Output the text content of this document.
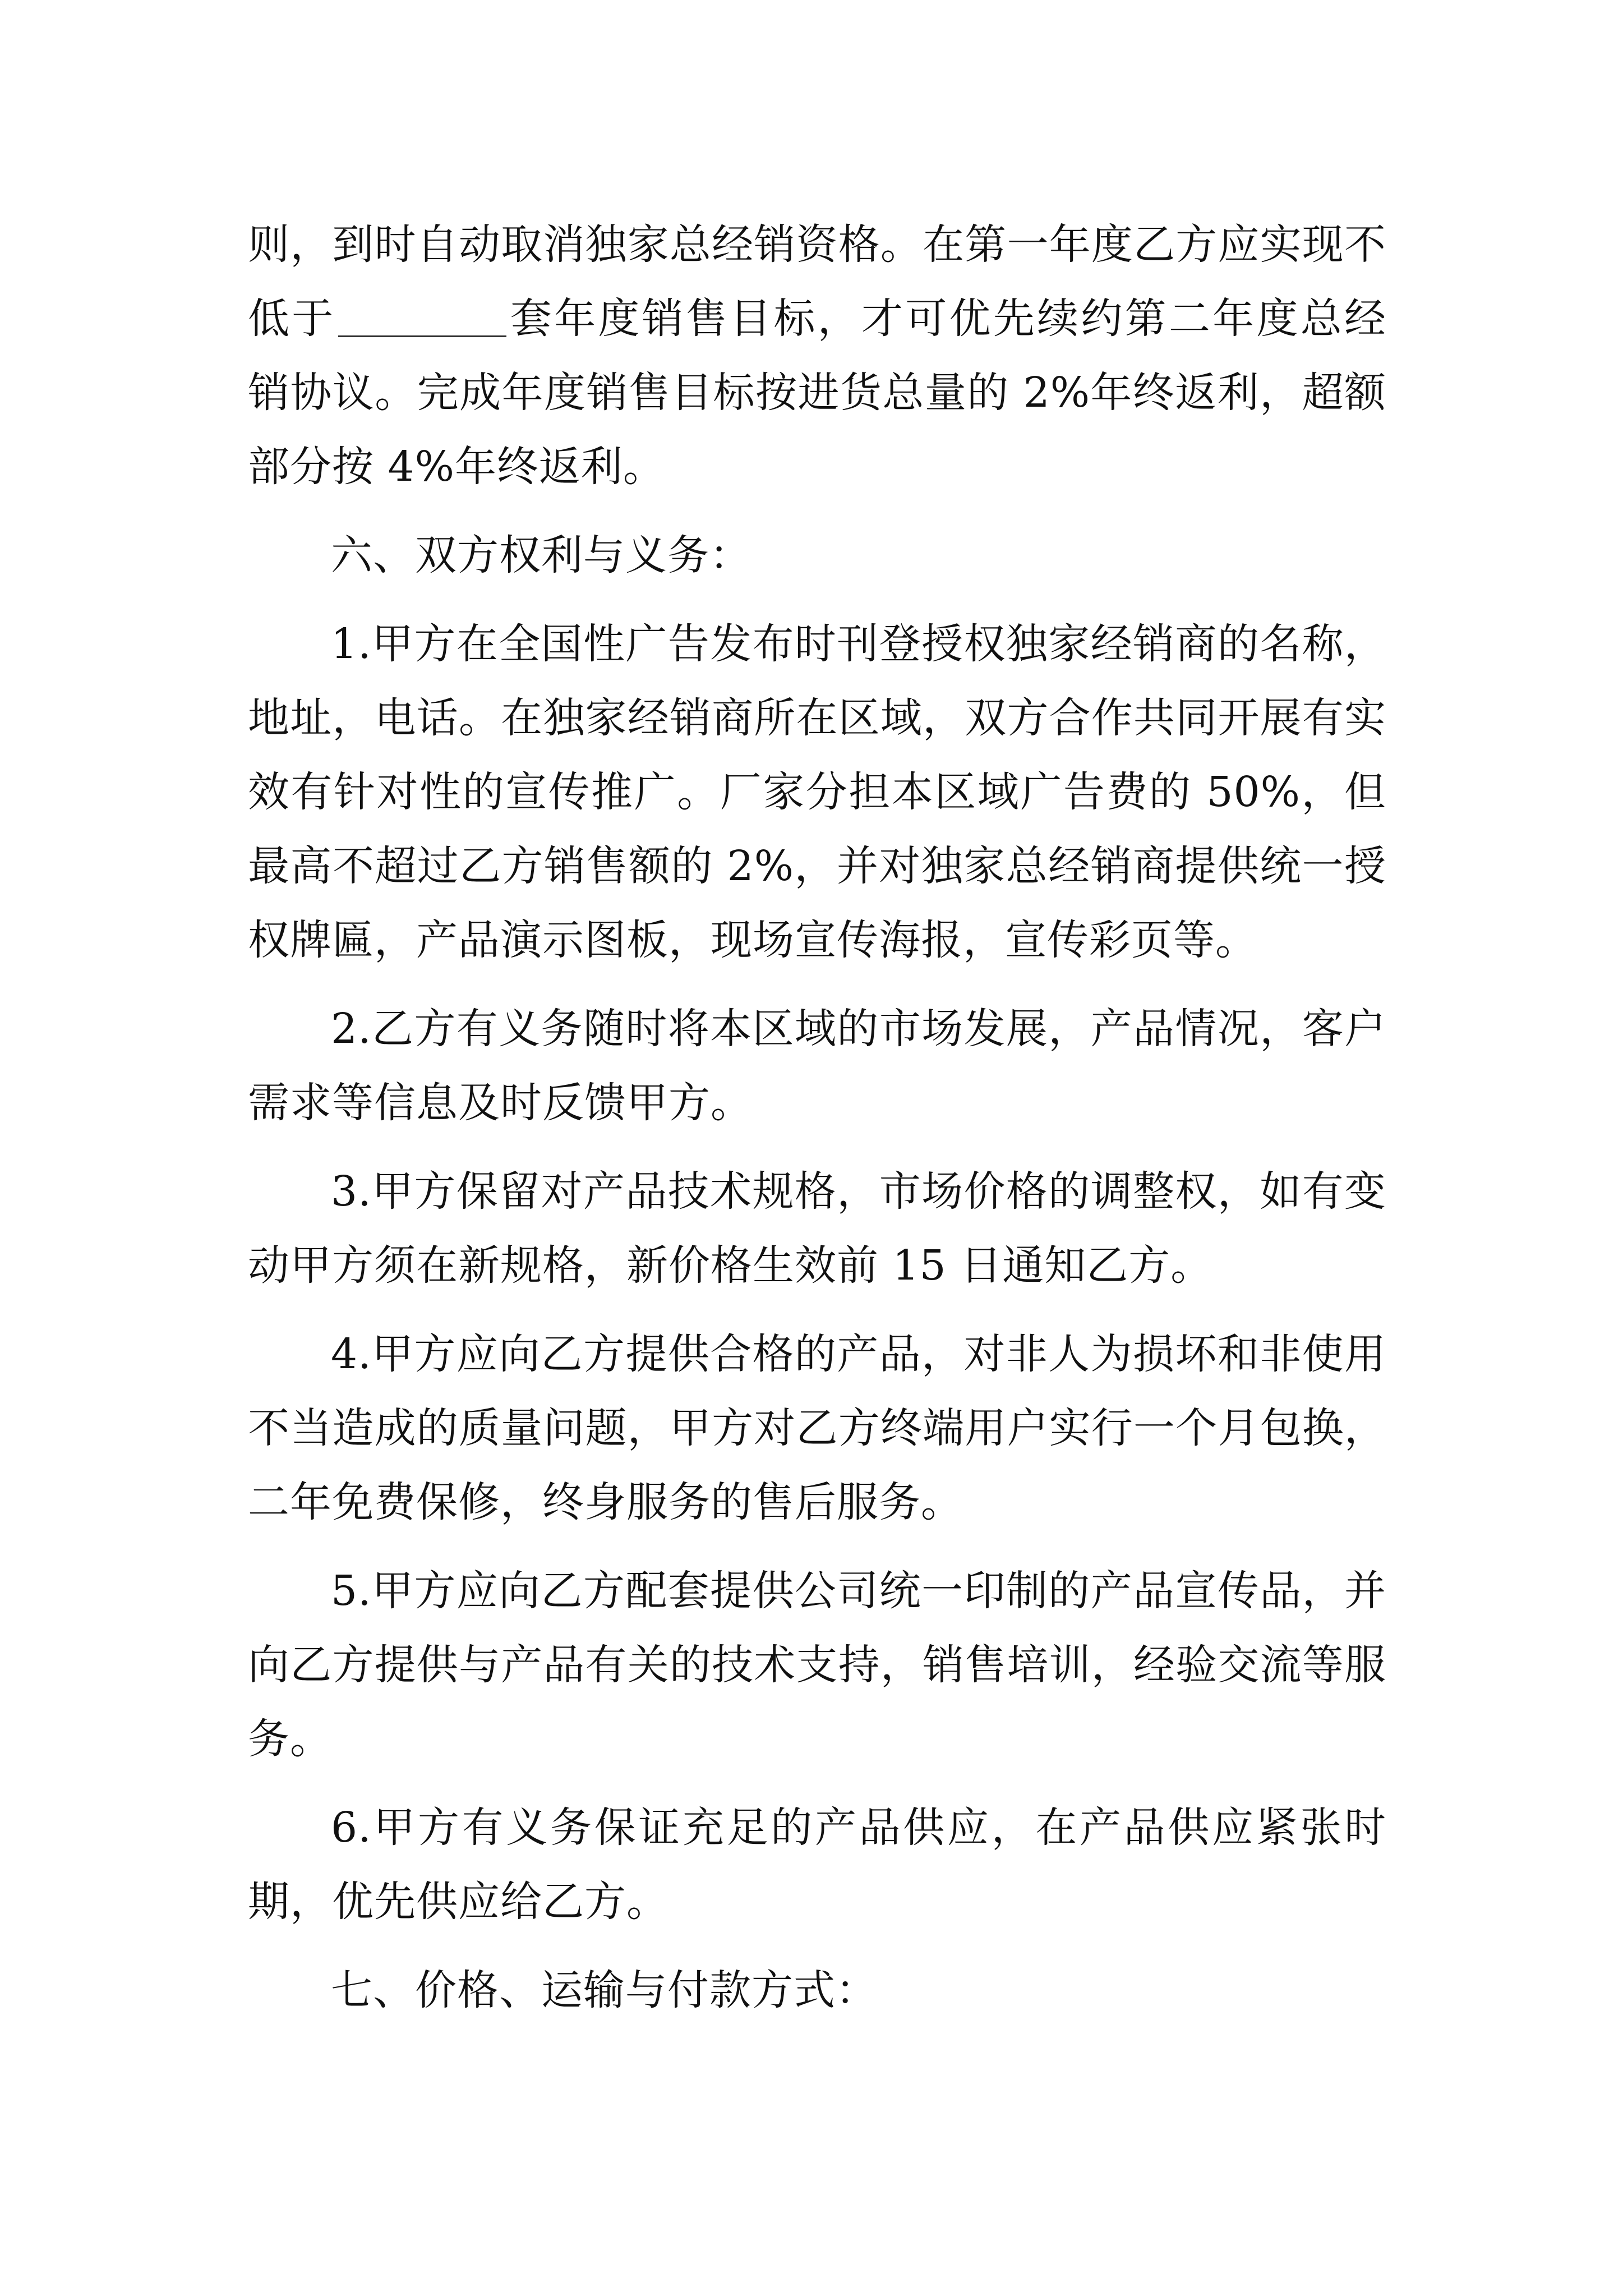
则，到时自动取消独家总经销资格。在第一年度乙方应实现不低于	套年度销售目标，才可优先续约第二年度总经销协议。完成年度销售目标按进货总量的 2%年终返利，超额部分按 4%年终返利。

六、双方权利与义务：

1.甲方在全国性广告发布时刊登授权独家经销商的名称，地址，电话。在独家经销商所在区域，双方合作共同开展有实效有针对性的宣传推广。厂家分担本区域广告费的 50%，但最高不超过乙方销售额的 2%，并对独家总经销商提供统一授权牌匾，产品演示图板，现场宣传海报，宣传彩页等。

2.乙方有义务随时将本区域的市场发展，产品情况，客户需求等信息及时反馈甲方。

3.甲方保留对产品技术规格，市场价格的调整权，如有变动甲方须在新规格，新价格生效前 15 日通知乙方。

4.甲方应向乙方提供合格的产品，对非人为损坏和非使用不当造成的质量问题，甲方对乙方终端用户实行一个月包换，二年免费保修，终身服务的售后服务。

5.甲方应向乙方配套提供公司统一印制的产品宣传品，并向乙方提供与产品有关的技术支持，销售培训，经验交流等服务。

6.甲方有义务保证充足的产品供应，在产品供应紧张时期，优先供应给乙方。

七、价格、运输与付款方式：
